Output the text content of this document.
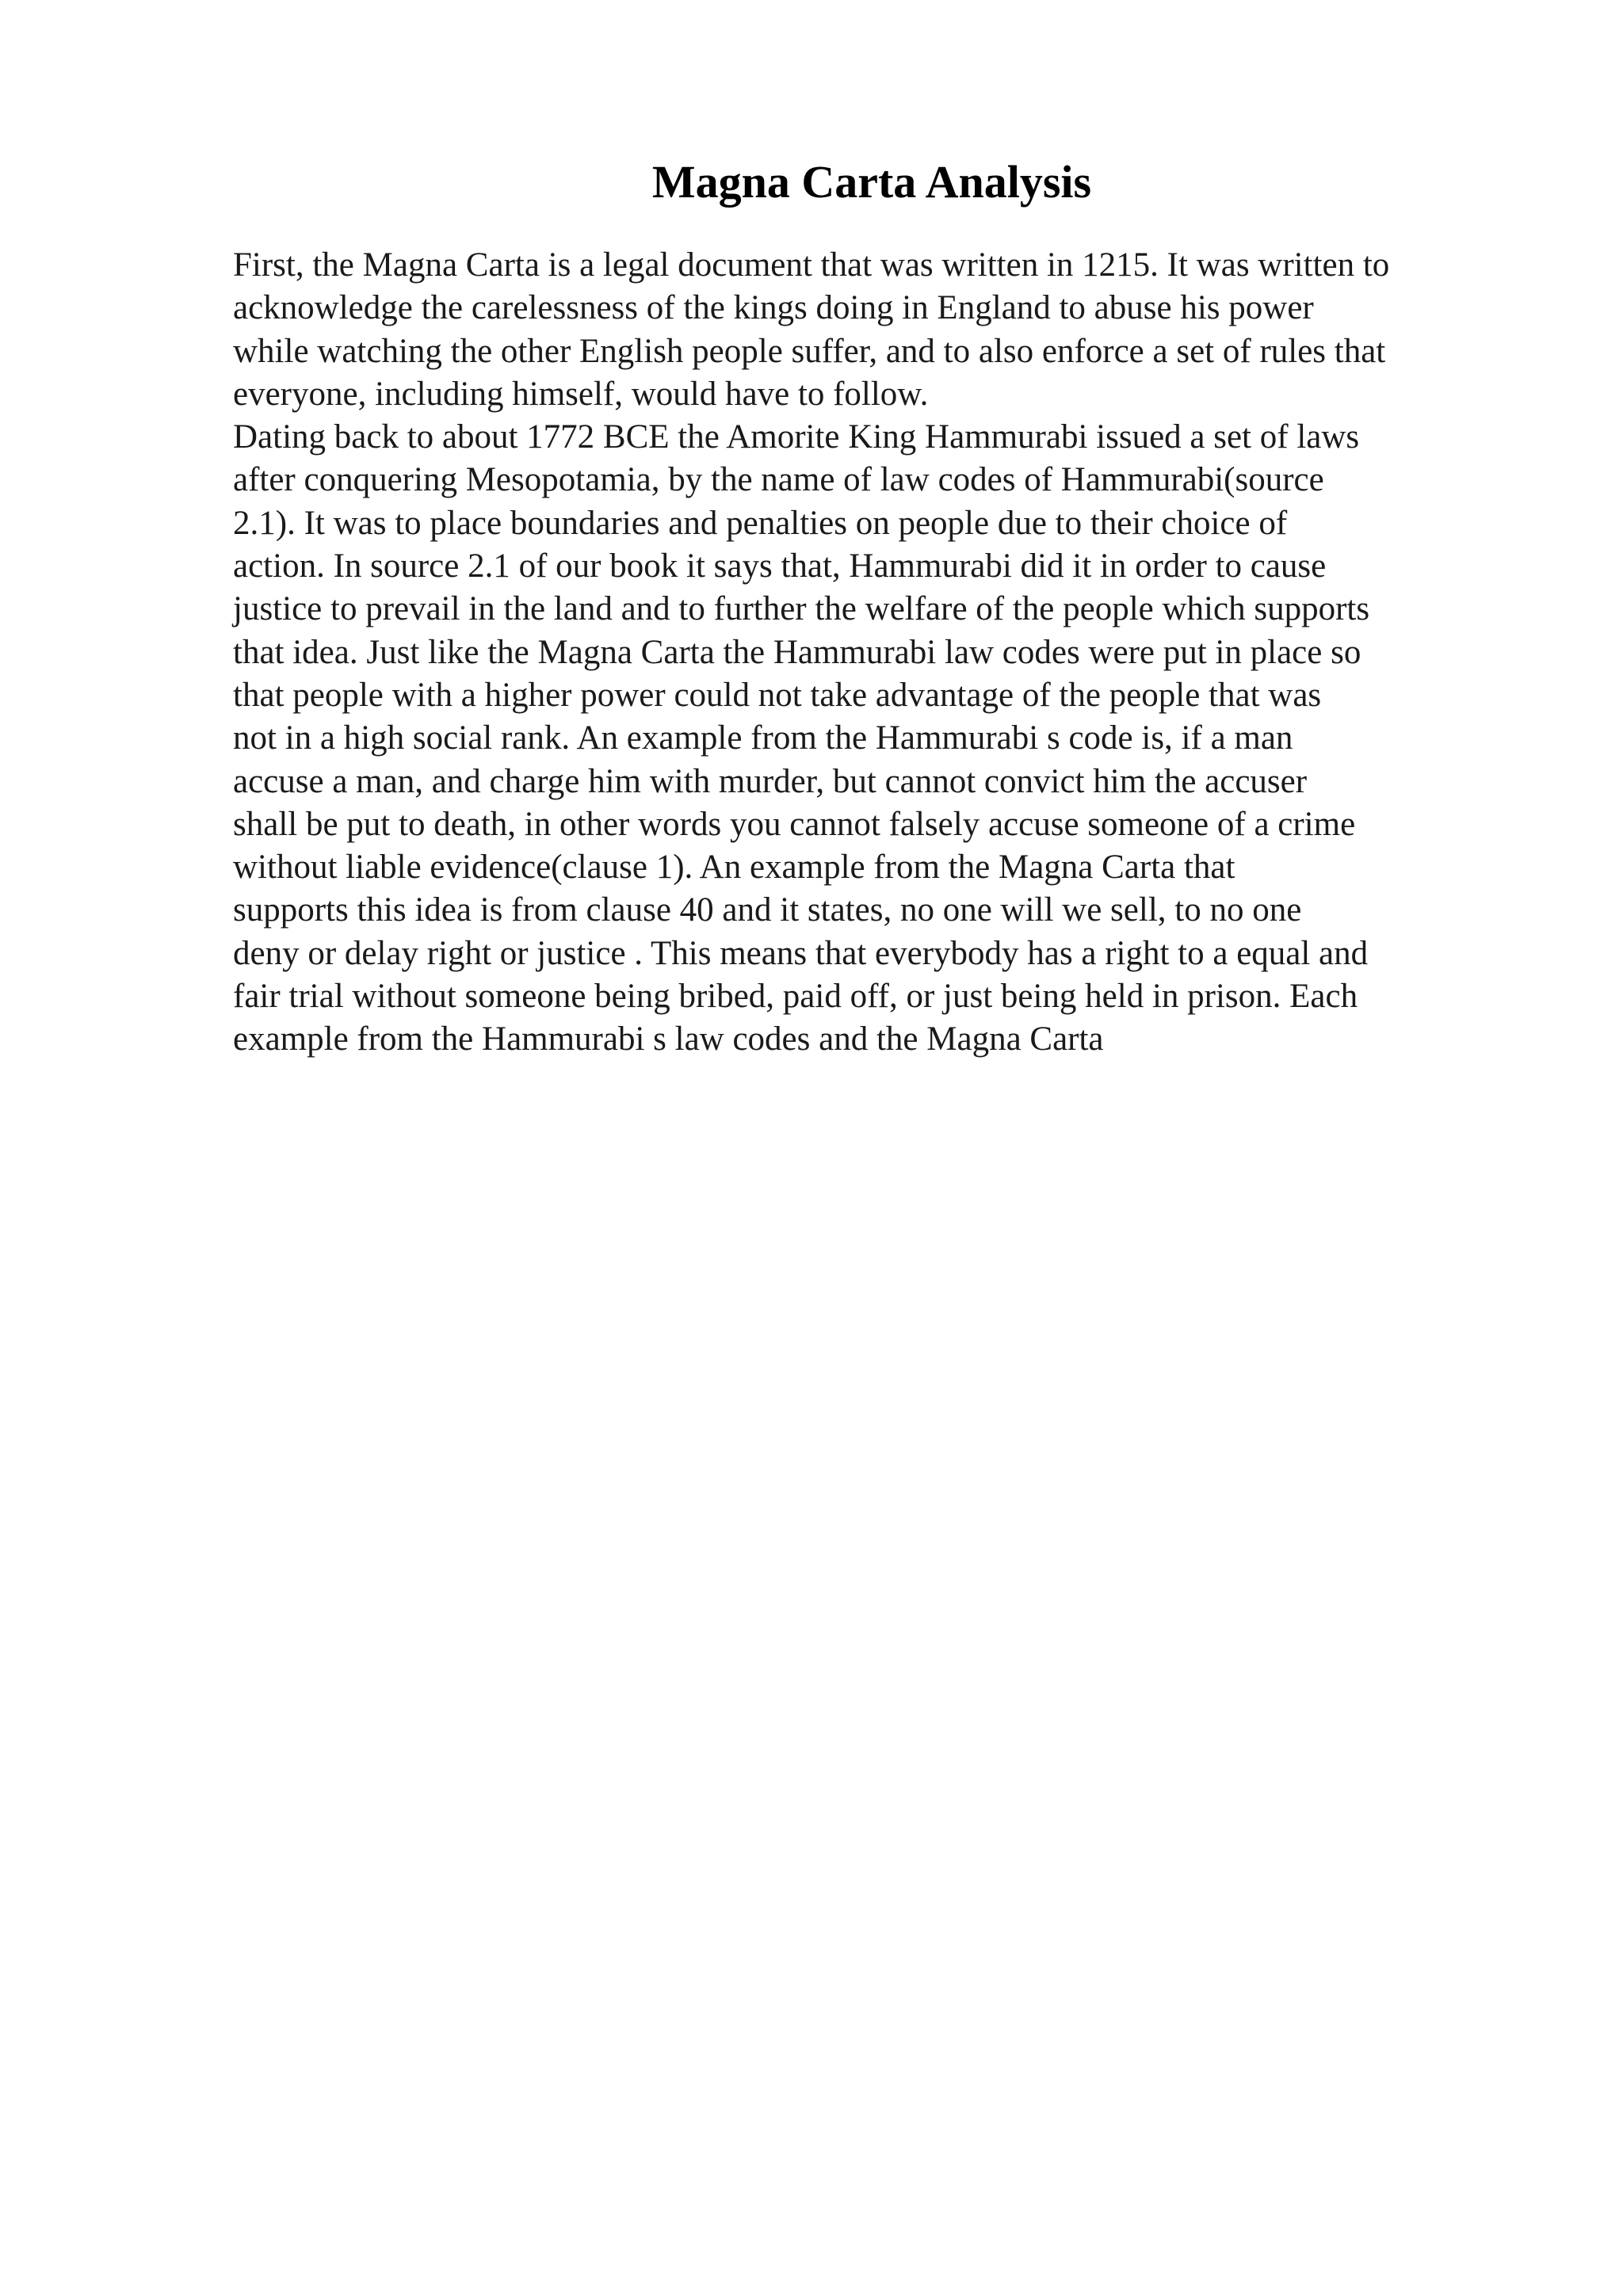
Magna Carta Analysis
First, the Magna Carta is a legal document that was written in 1215. It was written to
acknowledge the carelessness of the kings doing in England to abuse his power
while watching the other English people suffer, and to also enforce a set of rules that
everyone, including himself, would have to follow.
Dating back to about 1772 BCE the Amorite King Hammurabi issued a set of laws
after conquering Mesopotamia, by the name of law codes of Hammurabi(source
2.1). It was to place boundaries and penalties on people due to their choice of
action. In source 2.1 of our book it says that, Hammurabi did it in order to cause
justice to prevail in the land and to further the welfare of the people which supports
that idea. Just like the Magna Carta the Hammurabi law codes were put in place so
that people with a higher power could not take advantage of the people that was
not in a high social rank. An example from the Hammurabi s code is, if a man
accuse a man, and charge him with murder, but cannot convict him the accuser
shall be put to death, in other words you cannot falsely accuse someone of a crime
without liable evidence(clause 1). An example from the Magna Carta that
supports this idea is from clause 40 and it states, no one will we sell, to no one
deny or delay right or justice . This means that everybody has a right to a equal and
fair trial without someone being bribed, paid off, or just being held in prison. Each
example from the Hammurabi s law codes and the Magna Carta
